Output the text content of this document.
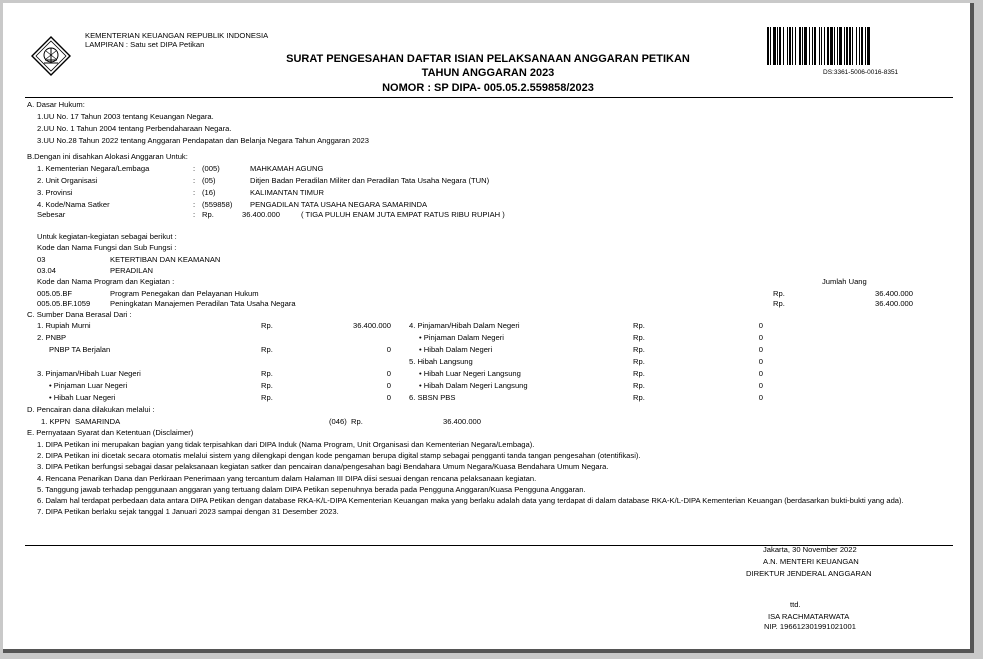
KEMENTERIAN KEUANGAN REPUBLIK INDONESIA
LAMPIRAN : Satu set DIPA Petikan
SURAT PENGESAHAN DAFTAR ISIAN PELAKSANAAN ANGGARAN PETIKAN
TAHUN ANGGARAN 2023
NOMOR : SP DIPA- 005.05.2.559858/2023
DS:3361-5006-0016-8351
A. Dasar Hukum:
1.UU No. 17 Tahun 2003 tentang Keuangan Negara.
2.UU No. 1 Tahun 2004 tentang Perbendaharaan Negara.
3.UU No.28 Tahun 2022 tentang Anggaran Pendapatan dan Belanja Negara Tahun Anggaran 2023
B.Dengan ini disahkan Alokasi Anggaran Untuk:
1. Kementerian Negara/Lembaga	: (005)	MAHKAMAH AGUNG
2. Unit Organisasi	: (05)	Ditjen Badan Peradilan Militer dan Peradilan Tata Usaha Negara (TUN)
3. Provinsi	: (16)	KALIMANTAN TIMUR
4. Kode/Nama Satker	: (559858) PENGADILAN TATA USAHA NEGARA SAMARINDA
Sebesar	: Rp.	36.400.000	( TIGA PULUH ENAM JUTA EMPAT RATUS RIBU RUPIAH )
Untuk kegiatan-kegiatan sebagai berikut :
Kode dan Nama Fungsi dan Sub Fungsi :
03	KETERTIBAN DAN KEAMANAN
03.04	PERADILAN
Kode dan Nama Program dan Kegiatan :	Jumlah Uang
005.05.BF	Program Penegakan dan Pelayanan Hukum	Rp.	36.400.000
005.05.BF.1059	Peningkatan Manajemen Peradilan Tata Usaha Negara	Rp.	36.400.000
C. Sumber Dana Berasal Dari :
1. Rupiah Murni	Rp.	36.400.000
2. PNBP
PNBP TA Berjalan	Rp.	0
3. Pinjaman/Hibah Luar Negeri	Rp.	0
• Pinjaman Luar Negeri	Rp.	0
• Hibah Luar Negeri	Rp.	0
4. Pinjaman/Hibah Dalam Negeri	Rp.	0
• Pinjaman Dalam Negeri	Rp.	0
• Hibah Dalam Negeri	Rp.	0
5. Hibah Langsung	Rp.	0
• Hibah Luar Negeri Langsung	Rp.	0
• Hibah Dalam Negeri Langsung	Rp.	0
6. SBSN PBS	Rp.	0
D. Pencairan dana dilakukan melalui :
1. KPPN SAMARINDA	(046) Rp.	36.400.000
E. Pernyataan Syarat dan Ketentuan (Disclaimer)
1. DIPA Petikan ini merupakan bagian yang tidak terpisahkan dari DIPA Induk (Nama Program, Unit Organisasi dan Kementerian Negara/Lembaga).
2. DIPA Petikan ini dicetak secara otomatis melalui sistem yang dilengkapi dengan kode pengaman berupa digital stamp sebagai pengganti tanda tangan pengesahan (otentifikasi).
3. DIPA Petikan berfungsi sebagai dasar pelaksanaan kegiatan satker dan pencairan dana/pengesahan bagi Bendahara Umum Negara/Kuasa Bendahara Umum Negara.
4. Rencana Penarikan Dana dan Perkiraan Penerimaan yang tercantum dalam Halaman III DIPA diisi sesuai dengan rencana pelaksanaan kegiatan.
5. Tanggung jawab terhadap penggunaan anggaran yang tertuang dalam DIPA Petikan sepenuhnya berada pada Pengguna Anggaran/Kuasa Pengguna Anggaran.
6. Dalam hal terdapat perbedaan data antara DIPA Petikan dengan database RKA-K/L-DIPA Kementerian Keuangan maka yang berlaku adalah data yang terdapat di dalam database RKA-K/L-DIPA Kementerian Keuangan (berdasarkan bukti-bukti yang ada).
7. DIPA Petikan berlaku sejak tanggal 1 Januari 2023 sampai dengan 31 Desember 2023.
Jakarta, 30 November 2022
A.N. MENTERI KEUANGAN
DIREKTUR JENDERAL ANGGARAN
ttd.
ISA RACHMATARWATA
NIP. 196612301991021001
